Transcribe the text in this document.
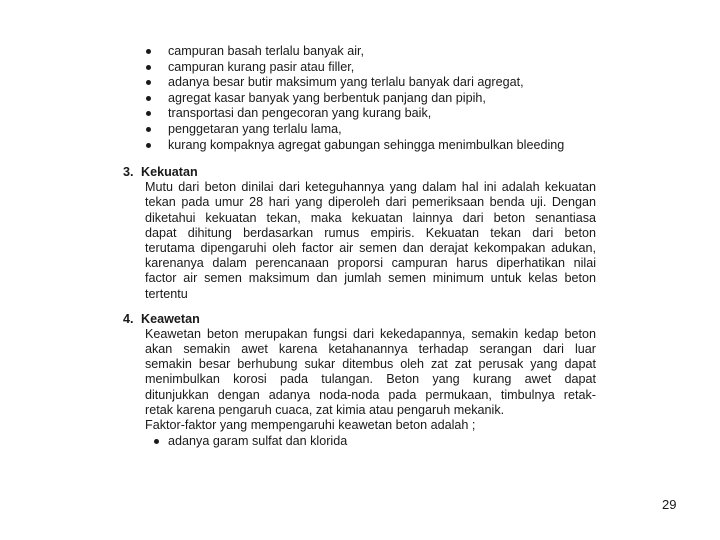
campuran basah terlalu banyak air,
campuran kurang pasir atau filler,
adanya besar butir maksimum yang terlalu banyak dari agregat,
agregat kasar banyak yang berbentuk panjang dan pipih,
transportasi dan pengecoran yang kurang baik,
penggetaran yang terlalu lama,
kurang kompaknya agregat gabungan sehingga menimbulkan bleeding
3. Kekuatan

Mutu dari beton dinilai dari keteguhannya yang dalam hal ini adalah kekuatan
tekan pada umur 28 hari yang diperoleh dari pemeriksaan benda uji. Dengan
diketahui kekuatan tekan, maka kekuatan lainnya dari beton senantiasa
dapat dihitung berdasarkan rumus empiris. Kekuatan tekan dari beton
terutama dipengaruhi oleh factor air semen dan derajat kekompakan adukan,
karenanya dalam perencanaan proporsi campuran harus diperhatikan nilai
factor air semen maksimum dan jumlah semen minimum untuk kelas beton
tertentu

4. Keawetan

Keawetan beton merupakan fungsi dari kekedapannya, semakin kedap beton
akan semakin awet karena ketahanannya terhadap serangan dari luar
semakin besar berhubung sukar ditembus oleh zat zat perusak yang dapat
menimbulkan korosi pada tulangan. Beton yang kurang awet dapat
ditunjukkan dengan adanya noda-noda pada permukaan, timbulnya retak-
retak karena pengaruh cuaca, zat kimia atau pengaruh mekanik.
Faktor-faktor yang mempengaruhi keawetan beton adalah ;

adanya garam sulfat dan klorida
29
